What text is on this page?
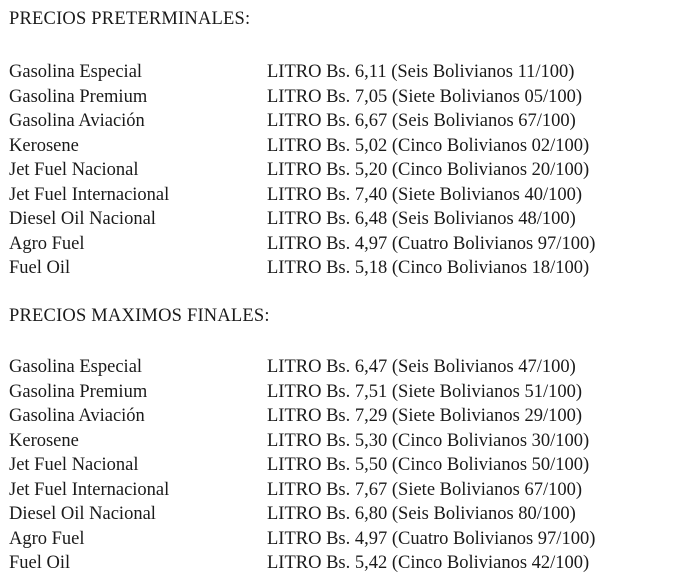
PRECIOS PRETERMINALES:
Gasolina Especial	LITRO Bs. 6,11 (Seis Bolivianos 11/100)
Gasolina Premium	LITRO Bs. 7,05 (Siete Bolivianos 05/100)
Gasolina Aviación	LITRO Bs. 6,67 (Seis Bolivianos 67/100)
Kerosene	LITRO Bs. 5,02 (Cinco Bolivianos 02/100)
Jet Fuel Nacional	LITRO Bs. 5,20 (Cinco Bolivianos 20/100)
Jet Fuel Internacional	LITRO Bs. 7,40 (Siete Bolivianos 40/100)
Diesel Oil Nacional	LITRO Bs. 6,48 (Seis Bolivianos 48/100)
Agro Fuel	LITRO Bs. 4,97 (Cuatro Bolivianos 97/100)
Fuel Oil	LITRO Bs. 5,18 (Cinco Bolivianos 18/100)
PRECIOS MAXIMOS FINALES:
Gasolina Especial	LITRO Bs. 6,47 (Seis Bolivianos 47/100)
Gasolina Premium	LITRO Bs. 7,51 (Siete Bolivianos 51/100)
Gasolina Aviación	LITRO Bs. 7,29 (Siete Bolivianos 29/100)
Kerosene	LITRO Bs. 5,30 (Cinco Bolivianos 30/100)
Jet Fuel Nacional	LITRO Bs. 5,50 (Cinco Bolivianos 50/100)
Jet Fuel Internacional	LITRO Bs. 7,67 (Siete Bolivianos 67/100)
Diesel Oil Nacional	LITRO Bs. 6,80 (Seis Bolivianos 80/100)
Agro Fuel	LITRO Bs. 4,97 (Cuatro Bolivianos 97/100)
Fuel Oil	LITRO Bs. 5,42 (Cinco Bolivianos 42/100)
